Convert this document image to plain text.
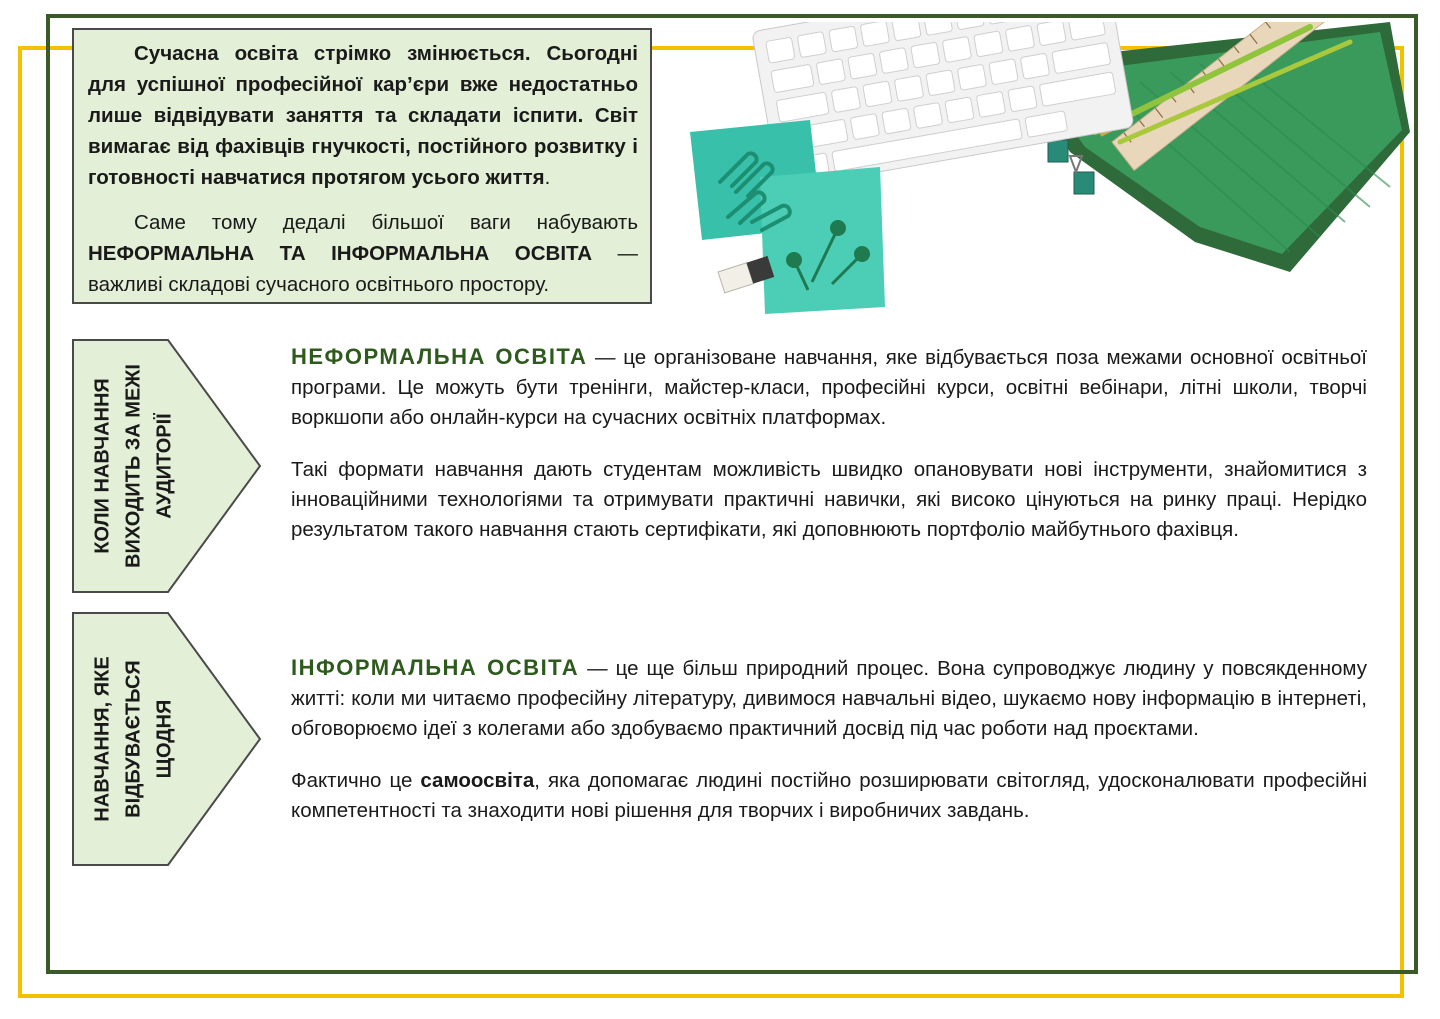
Сучасна освіта стрімко змінюється. Сьогодні для успішної професійної кар’єри вже недостатньо лише відвідувати заняття та складати іспити. Світ вимагає від фахівців гнучкості, постійного розвитку і готовності навчатися протягом усього життя.

Саме тому дедалі більшої ваги набувають НЕФОРМАЛЬНА ТА ІНФОРМАЛЬНА ОСВІТА — важливі складові сучасного освітнього простору.

КОЛИ НАВЧАННЯ ВИХОДИТЬ ЗА МЕЖІ АУДИТОРІЇ
НАВЧАННЯ, ЯКЕ ВІДБУВАЄТЬСЯ ЩОДНЯ

НЕФОРМАЛЬНА ОСВІТА — це організоване навчання, яке відбувається поза межами основної освітньої програми. Це можуть бути тренінги, майстер-класи, професійні курси, освітні вебінари, літні школи, творчі воркшопи або онлайн-курси на сучасних освітніх платформах.

Такі формати навчання дають студентам можливість швидко опановувати нові інструменти, знайомитися з інноваційними технологіями та отримувати практичні навички, які високо цінуються на ринку праці. Нерідко результатом такого навчання стають сертифікати, які доповнюють портфоліо майбутнього фахівця.

ІНФОРМАЛЬНА ОСВІТА — це ще більш природний процес. Вона супроводжує людину у повсякденному житті: коли ми читаємо професійну літературу, дивимося навчальні відео, шукаємо нову інформацію в інтернеті, обговорюємо ідеї з колегами або здобуваємо практичний досвід під час роботи над проєктами.

Фактично це самоосвіта, яка допомагає людині постійно розширювати світогляд, удосконалювати професійні компетентності та знаходити нові рішення для творчих і виробничих завдань.
